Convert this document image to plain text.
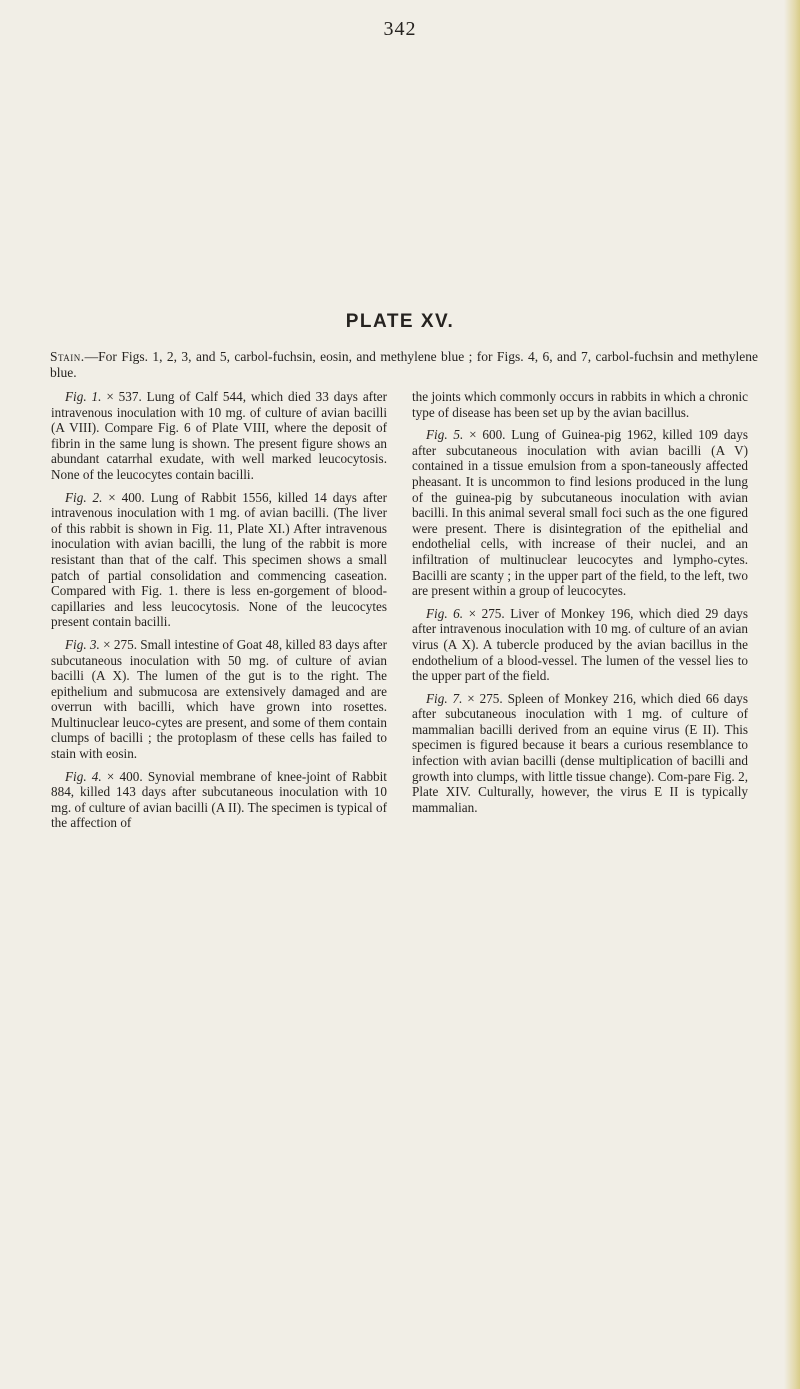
342
PLATE XV.
Stain.—For Figs. 1, 2, 3, and 5, carbol-fuchsin, eosin, and methylene blue ; for Figs. 4, 6, and 7, carbol-fuchsin and methylene blue.

Fig. 1. × 537. Lung of Calf 544, which died 33 days after intravenous inoculation with 10 mg. of culture of avian bacilli (A VIII). Compare Fig. 6 of Plate VIII, where the deposit of fibrin in the same lung is shown. The present figure shows an abundant catarrhal exudate, with well marked leucocytosis. None of the leucocytes contain bacilli.

Fig. 2. × 400. Lung of Rabbit 1556, killed 14 days after intravenous inoculation with 1 mg. of avian bacilli. (The liver of this rabbit is shown in Fig. 11, Plate XI.) After intravenous inoculation with avian bacilli, the lung of the rabbit is more resistant than that of the calf. This specimen shows a small patch of partial consolidation and commencing caseation. Compared with Fig. 1. there is less en-gorgement of blood-capillaries and less leucocytosis. None of the leucocytes present contain bacilli.

Fig. 3. × 275. Small intestine of Goat 48, killed 83 days after subcutaneous inoculation with 50 mg. of culture of avian bacilli (A X). The lumen of the gut is to the right. The epithelium and submucosa are extensively damaged and are overrun with bacilli, which have grown into rosettes. Multinuclear leuco-cytes are present, and some of them contain clumps of bacilli ; the protoplasm of these cells has failed to stain with eosin.

Fig. 4. × 400. Synovial membrane of knee-joint of Rabbit 884, killed 143 days after subcutaneous inoculation with 10 mg. of culture of avian bacilli (A II). The specimen is typical of the affection of

the joints which commonly occurs in rabbits in which a chronic type of disease has been set up by the avian bacillus.

Fig. 5. × 600. Lung of Guinea-pig 1962, killed 109 days after subcutaneous inoculation with avian bacilli (A V) contained in a tissue emulsion from a spon-taneously affected pheasant. It is uncommon to find lesions produced in the lung of the guinea-pig by subcutaneous inoculation with avian bacilli. In this animal several small foci such as the one figured were present. There is disintegration of the epithelial and endothelial cells, with increase of their nuclei, and an infiltration of multinuclear leucocytes and lympho-cytes. Bacilli are scanty ; in the upper part of the field, to the left, two are present within a group of leucocytes.

Fig. 6. × 275. Liver of Monkey 196, which died 29 days after intravenous inoculation with 10 mg. of culture of an avian virus (A X). A tubercle produced by the avian bacillus in the endothelium of a blood-vessel. The lumen of the vessel lies to the upper part of the field.

Fig. 7. × 275. Spleen of Monkey 216, which died 66 days after subcutaneous inoculation with 1 mg. of culture of mammalian bacilli derived from an equine virus (E II). This specimen is figured because it bears a curious resemblance to infection with avian bacilli (dense multiplication of bacilli and growth into clumps, with little tissue change). Com-pare Fig. 2, Plate XIV. Culturally, however, the virus E II is typically mammalian.
